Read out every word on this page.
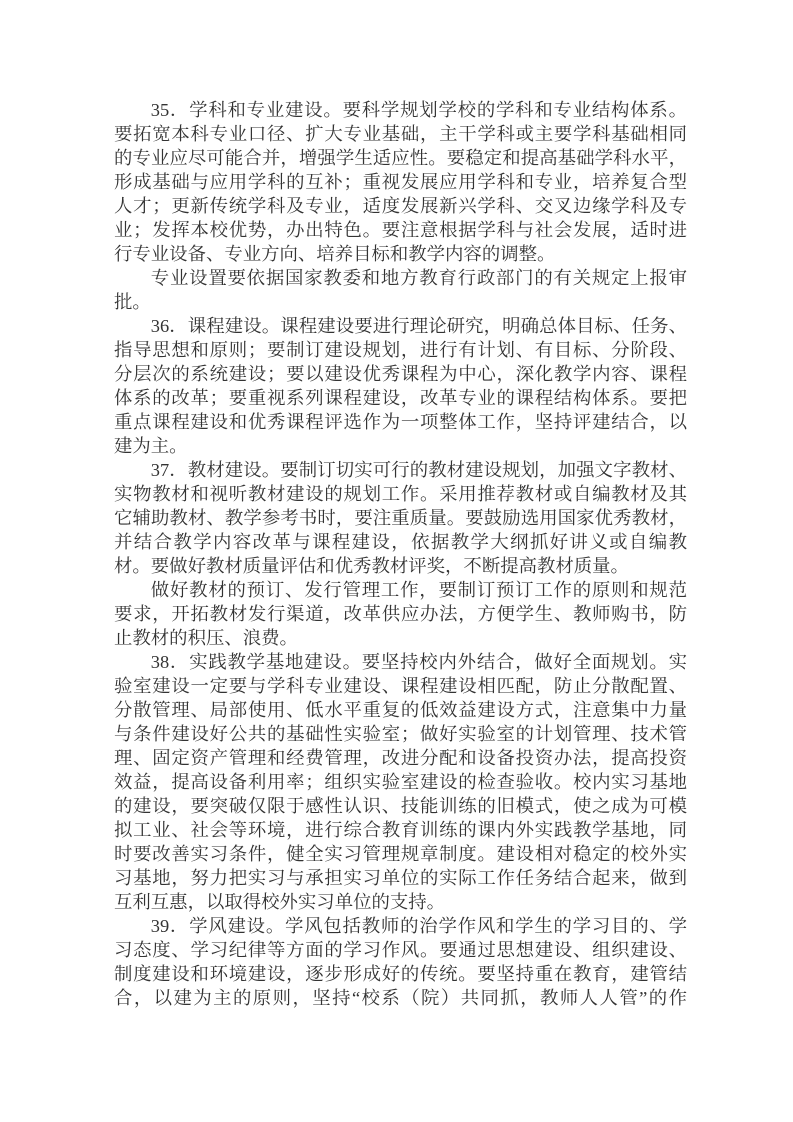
35．学科和专业建设。要科学规划学校的学科和专业结构体系。
要拓宽本科专业口径、扩大专业基础，主干学科或主要学科基础相同
的专业应尽可能合并，增强学生适应性。要稳定和提高基础学科水平，
形成基础与应用学科的互补；重视发展应用学科和专业，培养复合型
人才；更新传统学科及专业，适度发展新兴学科、交叉边缘学科及专
业；发挥本校优势，办出特色。要注意根据学科与社会发展，适时进
行专业设备、专业方向、培养目标和教学内容的调整。
专业设置要依据国家教委和地方教育行政部门的有关规定上报审
批。
36．课程建设。课程建设要进行理论研究，明确总体目标、任务、
指导思想和原则；要制订建设规划，进行有计划、有目标、分阶段、
分层次的系统建设；要以建设优秀课程为中心，深化教学内容、课程
体系的改革；要重视系列课程建设，改革专业的课程结构体系。要把
重点课程建设和优秀课程评选作为一项整体工作，坚持评建结合，以
建为主。
37．教材建设。要制订切实可行的教材建设规划，加强文字教材、
实物教材和视听教材建设的规划工作。采用推荐教材或自编教材及其
它辅助教材、教学参考书时，要注重质量。要鼓励选用国家优秀教材，
并结合教学内容改革与课程建设，依据教学大纲抓好讲义或自编教
材。要做好教材质量评估和优秀教材评奖，不断提高教材质量。
做好教材的预订、发行管理工作，要制订预订工作的原则和规范
要求，开拓教材发行渠道，改革供应办法，方便学生、教师购书，防
止教材的积压、浪费。
38．实践教学基地建设。要坚持校内外结合，做好全面规划。实
验室建设一定要与学科专业建设、课程建设相匹配，防止分散配置、
分散管理、局部使用、低水平重复的低效益建设方式，注意集中力量
与条件建设好公共的基础性实验室；做好实验室的计划管理、技术管
理、固定资产管理和经费管理，改进分配和设备投资办法，提高投资
效益，提高设备利用率；组织实验室建设的检查验收。校内实习基地
的建设，要突破仅限于感性认识、技能训练的旧模式，使之成为可模
拟工业、社会等环境，进行综合教育训练的课内外实践教学基地，同
时要改善实习条件，健全实习管理规章制度。建设相对稳定的校外实
习基地，努力把实习与承担实习单位的实际工作任务结合起来，做到
互利互惠，以取得校外实习单位的支持。
39．学风建设。学风包括教师的治学作风和学生的学习目的、学
习态度、学习纪律等方面的学习作风。要通过思想建设、组织建设、
制度建设和环境建设，逐步形成好的传统。要坚持重在教育，建管结
合，以建为主的原则，坚持“校系（院）共同抓，教师人人管”的作
